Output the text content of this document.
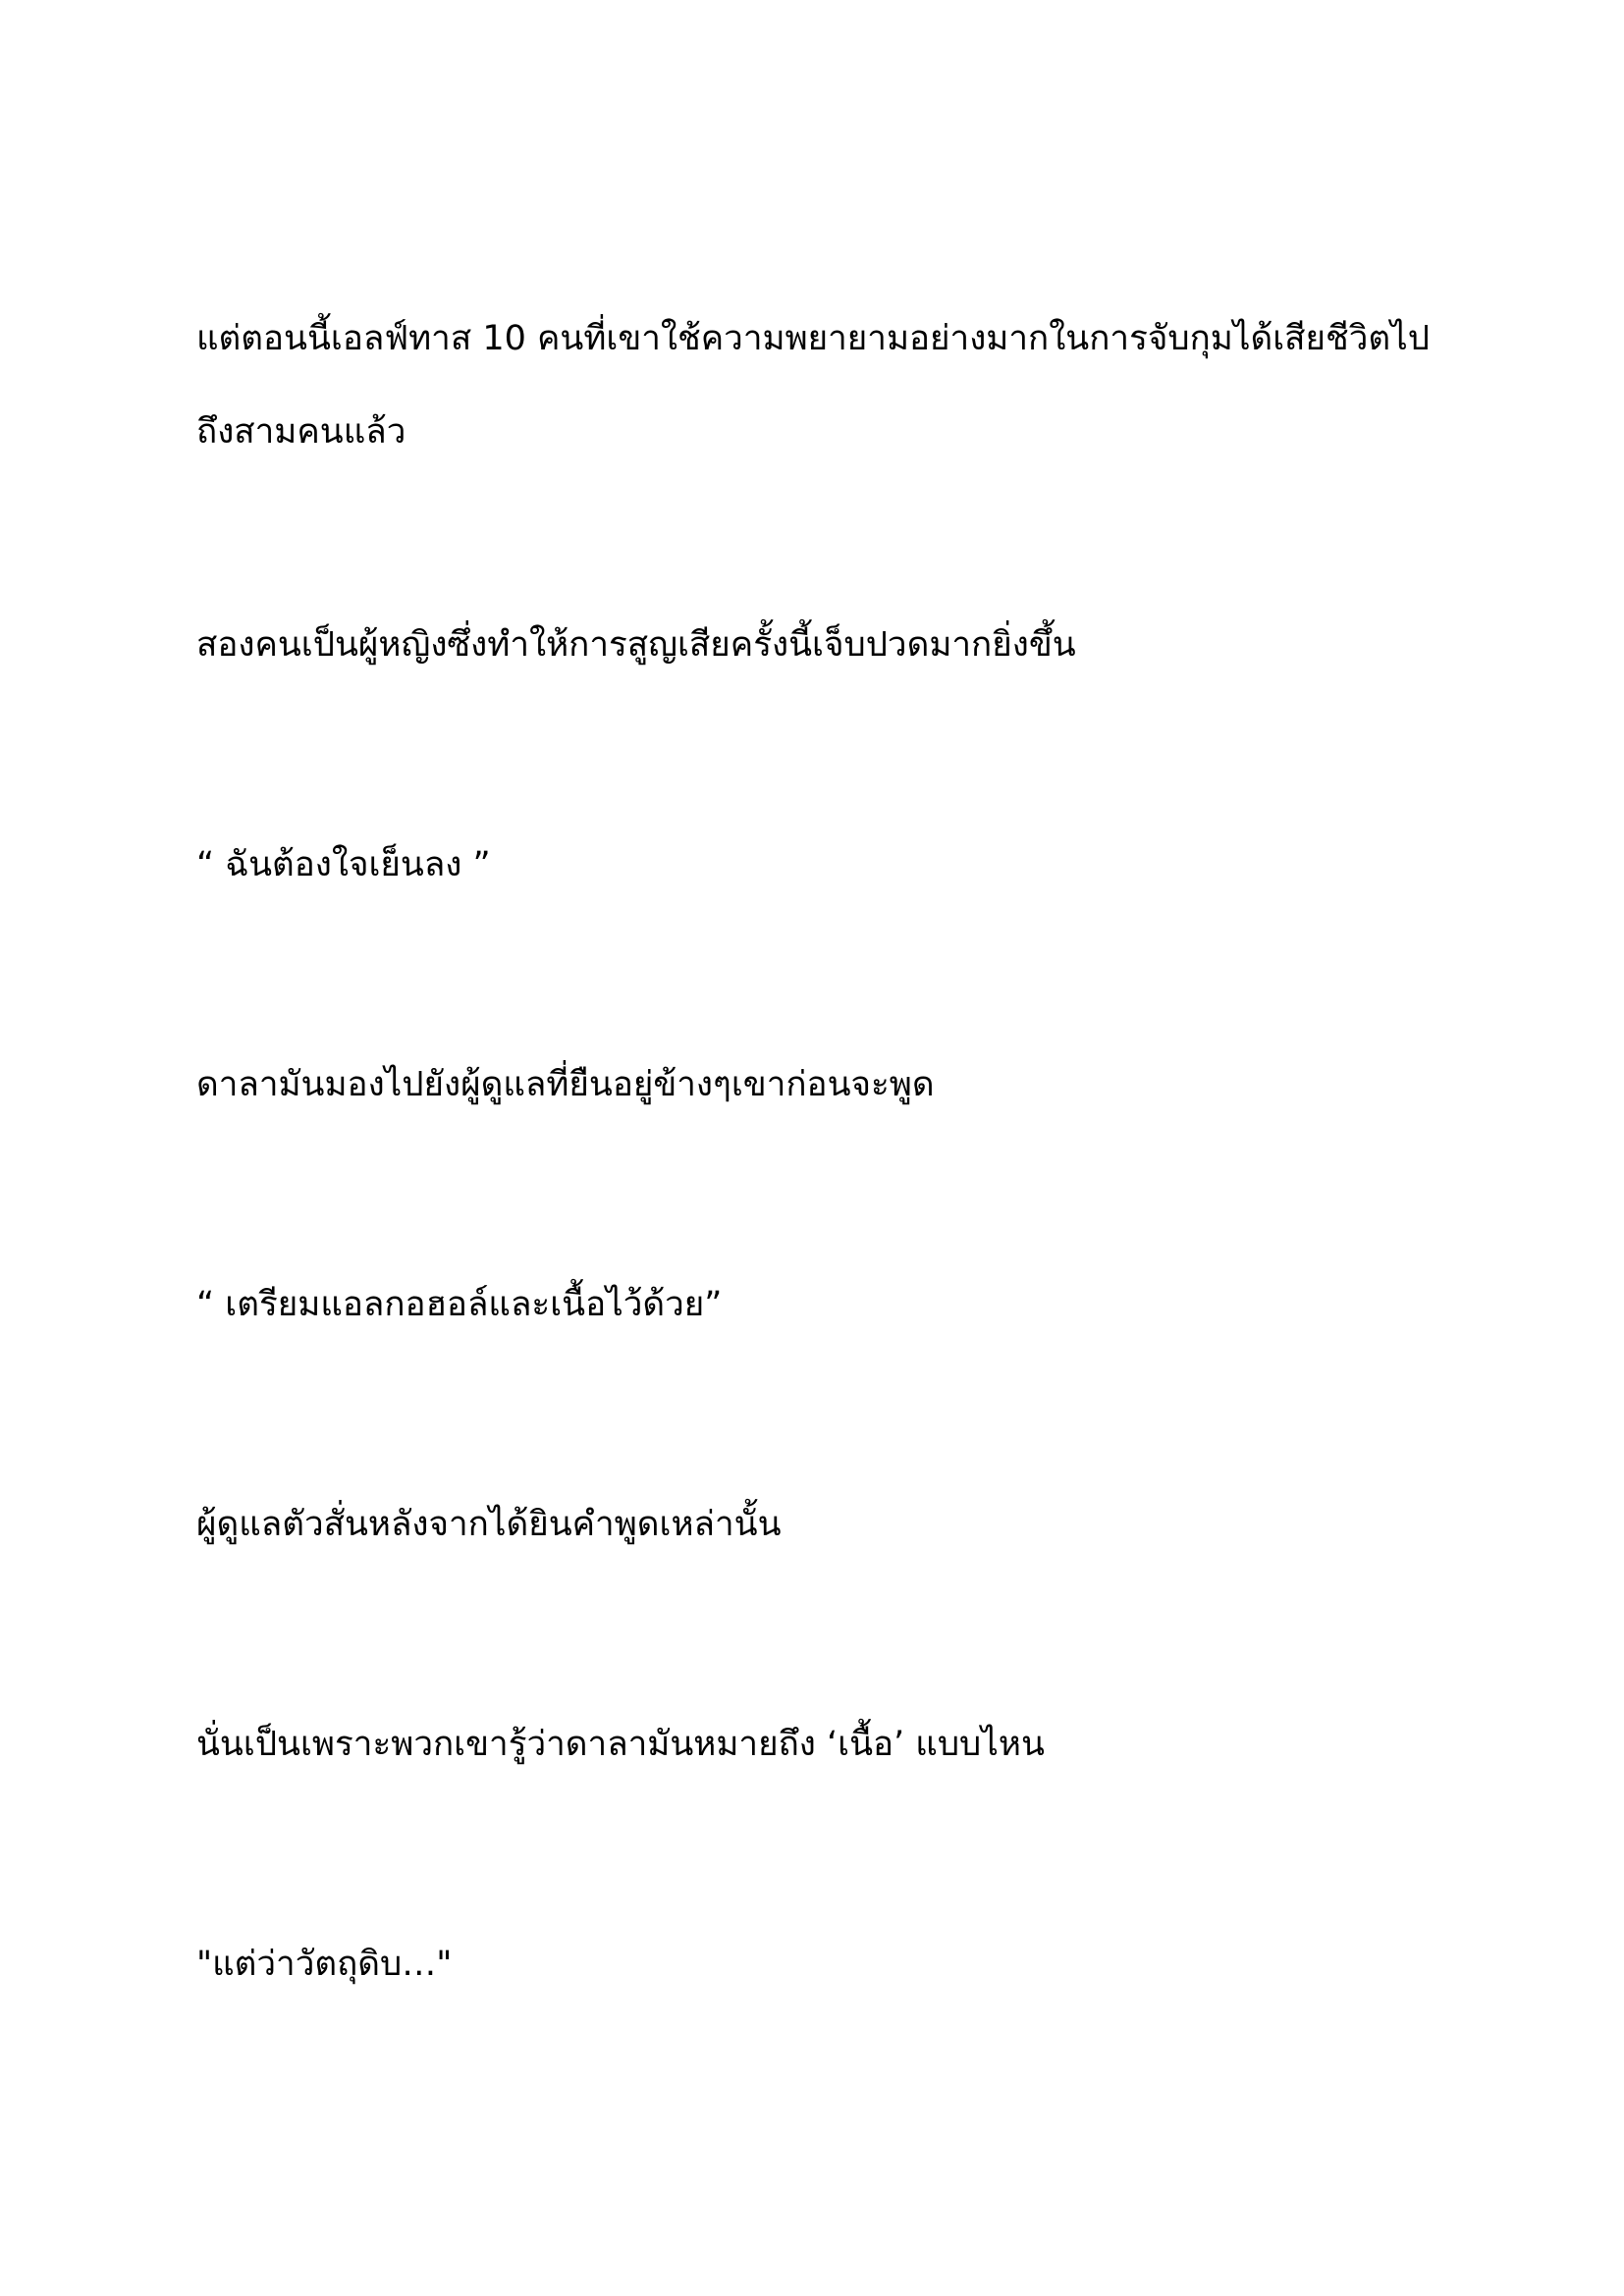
แต่ตอนนี้เอลฟ์ทาส 10 คนที่เขาใช้ความพยายามอย่างมากในการจับกุมได้เสียชีวิตไปถึงสามคนแล้ว

สองคนเป็นผู้หญิงซึ่งทำให้การสูญเสียครั้งนี้เจ็บปวดมากยิ่งขึ้น

“ ฉันต้องใจเย็นลง ”

ดาลามันมองไปยังผู้ดูแลที่ยืนอยู่ข้างๆเขาก่อนจะพูด

“ เตรียมแอลกอฮอล์และเนื้อไว้ด้วย”

ผู้ดูแลตัวสั่นหลังจากได้ยินคำพูดเหล่านั้น

นั่นเป็นเพราะพวกเขารู้ว่าดาลามันหมายถึง ‘เนื้อ’ แบบไหน

"แต่ว่าวัตถุดิบ…"
